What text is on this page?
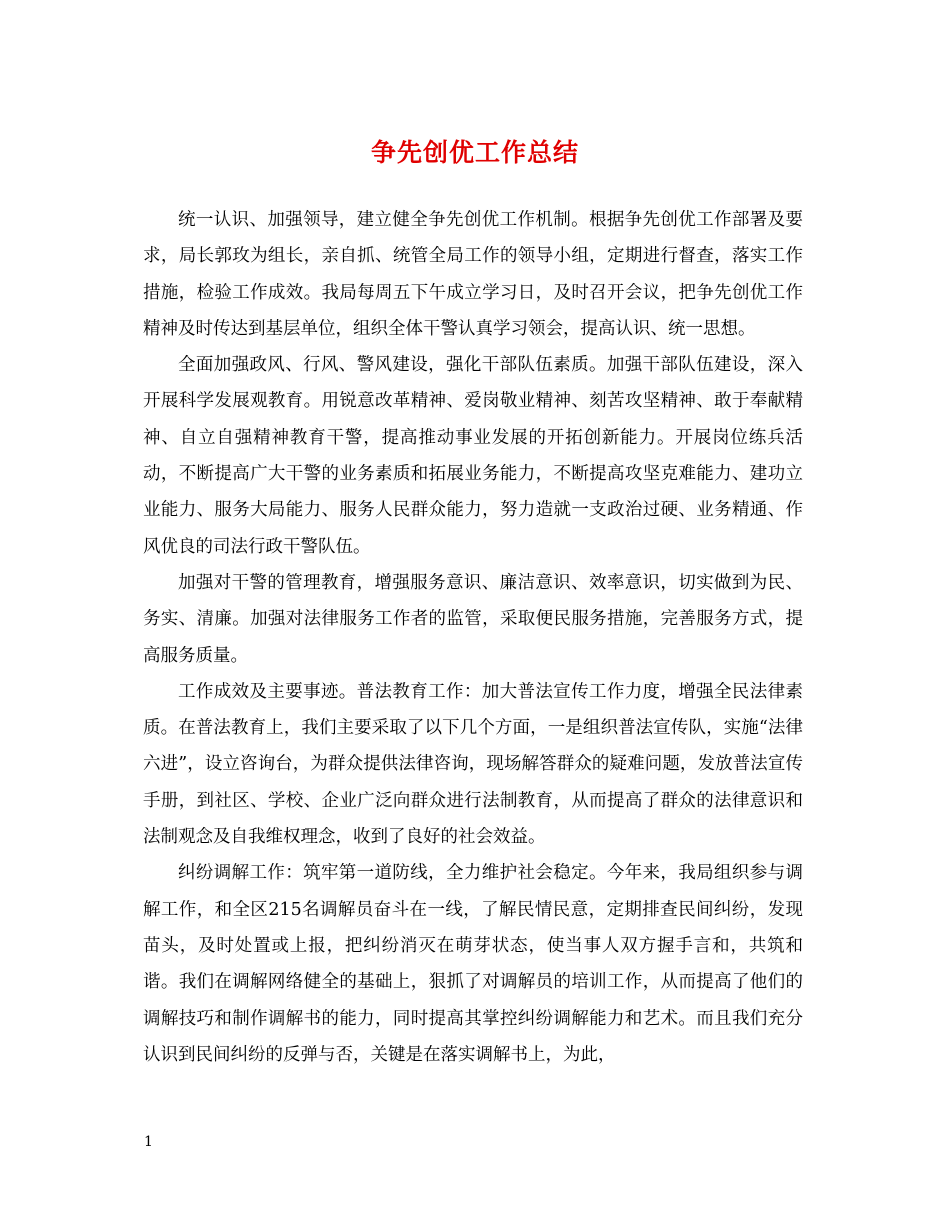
争先创优工作总结

统一认识、加强领导，建立健全争先创优工作机制。根据争先创优工作部署及要求，局长郭玫为组长，亲自抓、统管全局工作的领导小组，定期进行督查，落实工作措施，检验工作成效。我局每周五下午成立学习日，及时召开会议，把争先创优工作精神及时传达到基层单位，组织全体干警认真学习领会，提高认识、统一思想。

全面加强政风、行风、警风建设，强化干部队伍素质。加强干部队伍建设，深入开展科学发展观教育。用锐意改革精神、爱岗敬业精神、刻苦攻坚精神、敢于奉献精神、自立自强精神教育干警，提高推动事业发展的开拓创新能力。开展岗位练兵活动，不断提高广大干警的业务素质和拓展业务能力，不断提高攻坚克难能力、建功立业能力、服务大局能力、服务人民群众能力，努力造就一支政治过硬、业务精通、作风优良的司法行政干警队伍。

加强对干警的管理教育，增强服务意识、廉洁意识、效率意识，切实做到为民、务实、清廉。加强对法律服务工作者的监管，采取便民服务措施，完善服务方式，提高服务质量。

工作成效及主要事迹。普法教育工作：加大普法宣传工作力度，增强全民法律素质。在普法教育上，我们主要采取了以下几个方面，一是组织普法宣传队，实施“法律六进”，设立咨询台，为群众提供法律咨询，现场解答群众的疑难问题，发放普法宣传手册，到社区、学校、企业广泛向群众进行法制教育，从而提高了群众的法律意识和法制观念及自我维权理念，收到了良好的社会效益。

纠纷调解工作：筑牢第一道防线，全力维护社会稳定。今年来，我局组织参与调解工作，和全区215名调解员奋斗在一线，了解民情民意，定期排查民间纠纷，发现苗头，及时处置或上报，把纠纷消灭在萌芽状态，使当事人双方握手言和，共筑和谐。我们在调解网络健全的基础上，狠抓了对调解员的培训工作，从而提高了他们的调解技巧和制作调解书的能力，同时提高其掌控纠纷调解能力和艺术。而且我们充分认识到民间纠纷的反弹与否，关键是在落实调解书上，为此，

1
